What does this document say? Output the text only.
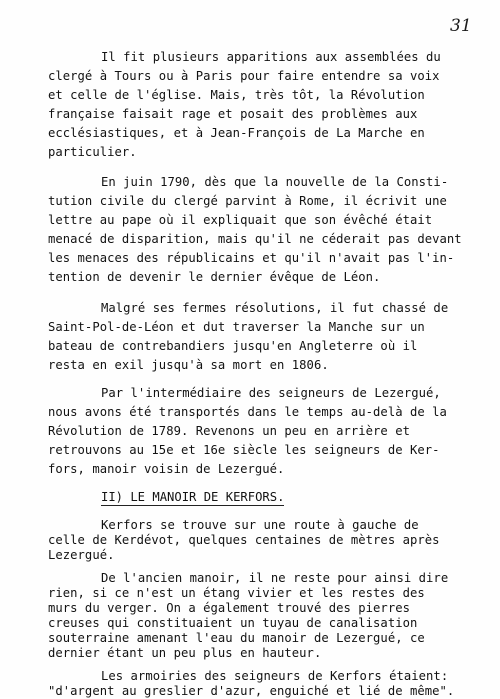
31
Il fit plusieurs apparitions aux assemblées du
clergé à Tours ou à Paris pour faire entendre sa voix
et celle de l'église. Mais, très tôt, la Révolution
française faisait rage et posait des problèmes aux
ecclésiastiques, et à Jean-François de La Marche en
particulier.
En juin 1790, dès que la nouvelle de la Consti-
tution civile du clergé parvint à Rome, il écrivit une
lettre au pape où il expliquait que son évêché était
menacé de disparition, mais qu'il ne céderait pas devant
les menaces des républicains et qu'il n'avait pas l'in-
tention de devenir le dernier évêque de Léon.
Malgré ses fermes résolutions, il fut chassé de
Saint-Pol-de-Léon et dut traverser la Manche sur un
bateau de contrebandiers jusqu'en Angleterre où il
resta en exil jusqu'à sa mort en 1806.
Par l'intermédiaire des seigneurs de Lezergué,
nous avons été transportés dans le temps au-delà de la
Révolution de 1789. Revenons un peu en arrière et
retrouvons au 15e et 16e siècle les seigneurs de Ker-
fors, manoir voisin de Lezergué.
II) LE MANOIR DE KERFORS.
Kerfors se trouve sur une route à gauche de
celle de Kerdévot, quelques centaines de mètres après
Lezergué.
De l'ancien manoir, il ne reste pour ainsi dire
rien, si ce n'est un étang vivier et les restes des
murs du verger. On a également trouvé des pierres
creuses qui constituaient un tuyau de canalisation
souterraine amenant l'eau du manoir de Lezergué, ce
dernier étant un peu plus en hauteur.
Les armoiries des seigneurs de Kerfors étaient:
"d'argent au greslier d'azur, enguiché et lié de même".
